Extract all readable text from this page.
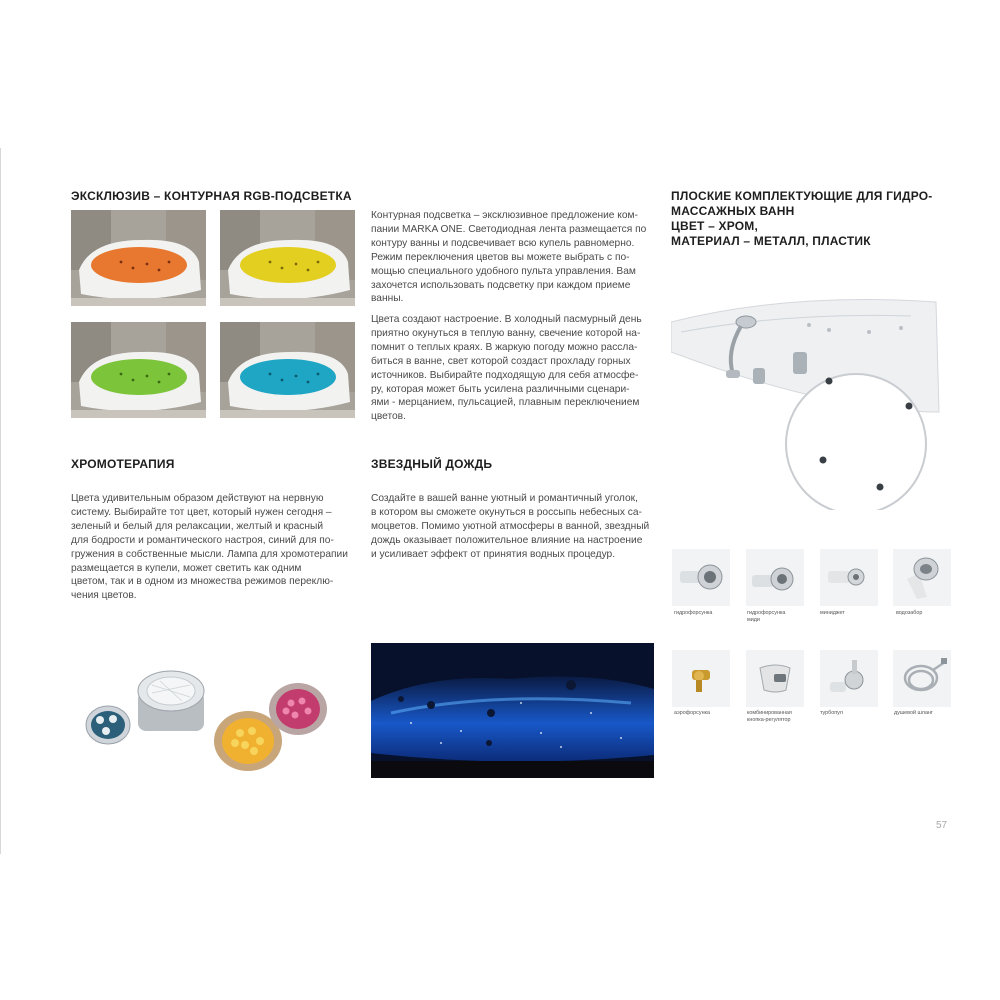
ЭКСКЛЮЗИВ – КОНТУРНАЯ RGB-ПОДСВЕТКА
Контурная подсветка – эксклюзивное предложение ком-
пании MARKA ONE. Светодиодная лента размещается по
контуру ванны и подсвечивает всю купель равномерно.
Режим переключения цветов вы можете выбрать с по-
мощью специального удобного пульта управления. Вам
захочется использовать подсветку при каждом приеме
ванны.
Цвета создают настроение. В холодный пасмурный день
приятно окунуться в теплую ванну, свечение которой на-
помнит о теплых краях. В жаркую погоду можно рассла-
биться в ванне, свет которой создаст прохладу горных
источников. Выбирайте подходящую для себя атмосфе-
ру, которая может быть усилена различными сценари-
ями - мерцанием, пульсацией, плавным переключением
цветов.
ХРОМОТЕРАПИЯ
Цвета удивительным образом действуют на нервную
систему. Выбирайте тот цвет, который нужен сегодня –
зеленый и белый для релаксации, желтый и красный
для бодрости и романтического настроя, синий для по-
гружения в собственные мысли. Лампа для хромотерапии
размещается в купели, может светить как одним
цветом, так и в одном из множества режимов переклю-
чения цветов.
ЗВЕЗДНЫЙ ДОЖДЬ
Создайте в вашей ванне уютный и романтичный уголок,
в котором вы сможете окунуться в россыпь небесных са-
моцветов. Помимо уютной атмосферы в ванной, звездный
дождь оказывает положительное влияние на настроение
и усиливает эффект от принятия водных процедур.
ПЛОСКИЕ КОМПЛЕКТУЮЩИЕ ДЛЯ ГИДРО-
МАССАЖНЫХ ВАНН
ЦВЕТ – ХРОМ,
МАТЕРИАЛ – МЕТАЛЛ, ПЛАСТИК
гидрофорсунка	гидрофорсунка
миди
миниджет	водозабор
аэрофорсунка	комбинированная
кнопка-регулятор
турбопул	душевой шланг
57
